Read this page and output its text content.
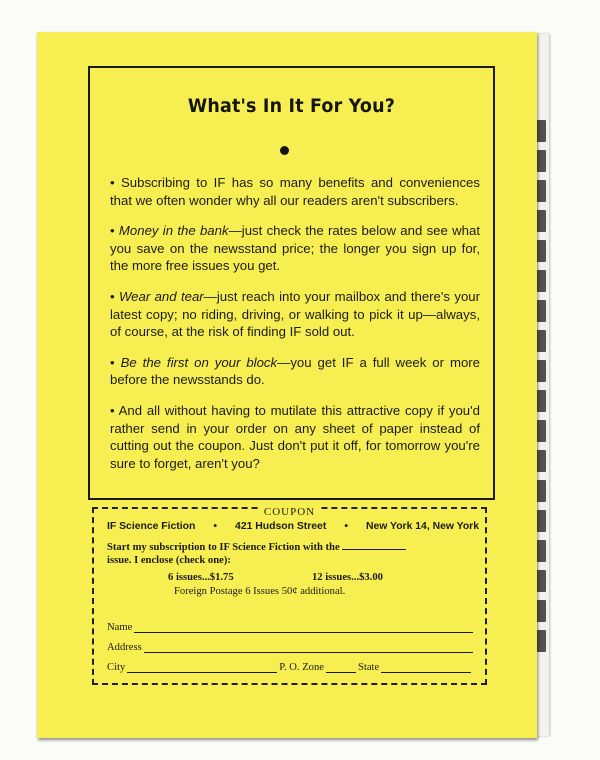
What's In It For You?

• Subscribing to IF has so many benefits and conveniences that we often wonder why all our readers aren't subscribers.

• Money in the bank—just check the rates below and see what you save on the newsstand price; the longer you sign up for, the more free issues you get.

• Wear and tear—just reach into your mailbox and there's your latest copy; no riding, driving, or walking to pick it up—always, of course, at the risk of finding IF sold out.

• Be the first on your block—you get IF a full week or more before the newsstands do.

• And all without having to mutilate this attractive copy if you'd rather send in your order on any sheet of paper instead of cutting out the coupon. Just don't put it off, for tomorrow you're sure to forget, aren't you?

COUPON
IF Science Fiction • 421 Hudson Street • New York 14, New York
Start my subscription to IF Science Fiction with the
issue. I enclose (check one):
6 issues...$1.75	12 issues...$3.00
Foreign Postage 6 Issues 50¢ additional.
Name
Address
City	P. O. Zone	State
